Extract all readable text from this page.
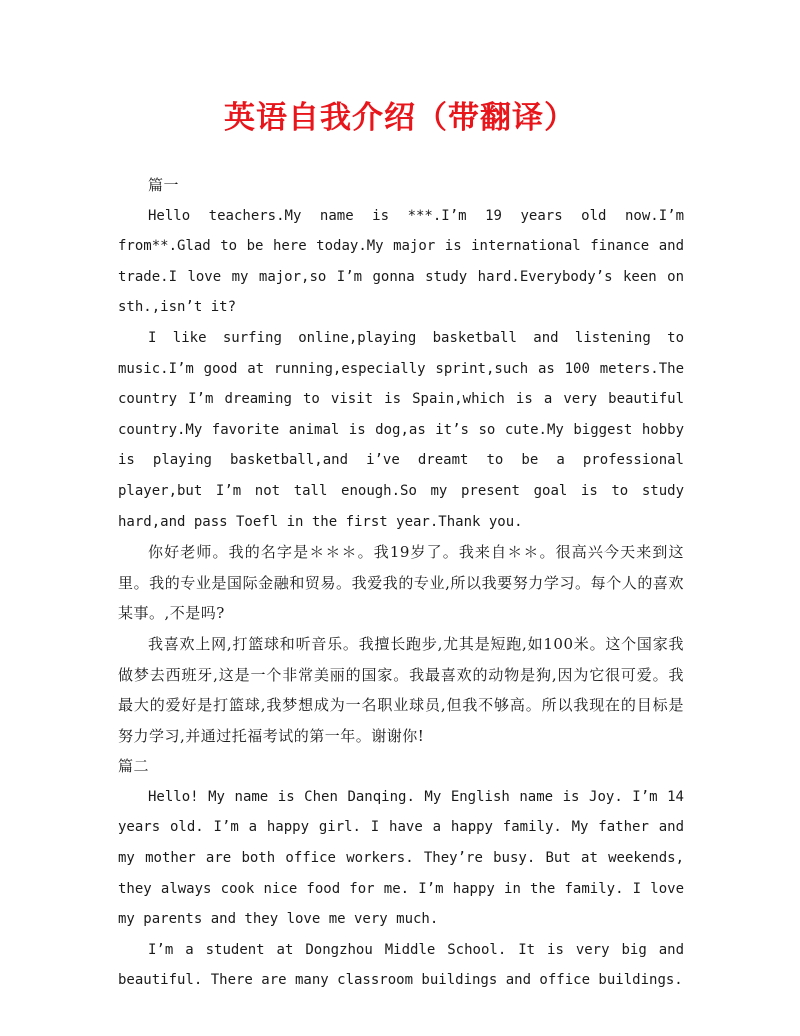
英语自我介绍（带翻译）

篇一

Hello teachers.My name is ***.I’m 19 years old now.I’m from**.Glad to be here today.My major is international finance and trade.I love my major,so I’m gonna study hard.Everybody’s keen on sth.,isn’t it?

I like surfing online,playing basketball and listening to music.I’m good at running,especially sprint,such as 100 meters.The country I’m dreaming to visit is Spain,which is a very beautiful country.My favorite animal is dog,as it’s so cute.My biggest hobby is playing basketball,and i’ve dreamt to be a professional player,but I’m not tall enough.So my present goal is to study hard,and pass Toefl in the first year.Thank you.

你好老师。我的名字是＊＊＊。我19岁了。我来自＊＊。很高兴今天来到这里。我的专业是国际金融和贸易。我爱我的专业,所以我要努力学习。每个人的喜欢某事。,不是吗?

我喜欢上网,打篮球和听音乐。我擅长跑步,尤其是短跑,如100米。这个国家我做梦去西班牙,这是一个非常美丽的国家。我最喜欢的动物是狗,因为它很可爱。我最大的爱好是打篮球,我梦想成为一名职业球员,但我不够高。所以我现在的目标是努力学习,并通过托福考试的第一年。谢谢你!

篇二

Hello! My name is Chen Danqing. My English name is Joy. I’m 14 years old. I’m a happy girl. I have a happy family. My father and my mother are both office workers. They’re busy. But at weekends, they always cook nice food for me. I’m happy in the family. I love my parents and they love me very much.

I’m a student at Dongzhou Middle School. It is very big and beautiful. There are many classroom buildings and office buildings.
